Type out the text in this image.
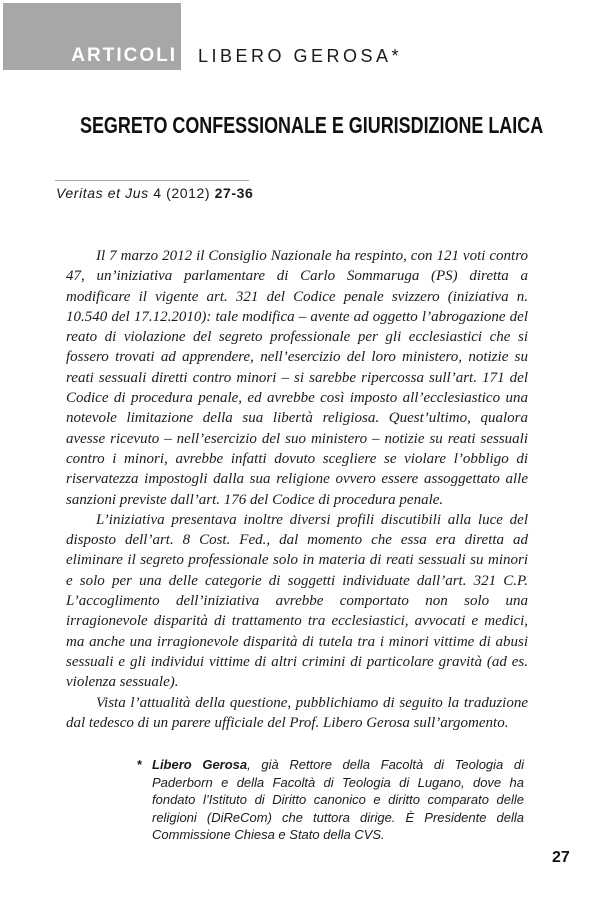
ARTICOLI LIBERO GEROSA*
SEGRETO CONFESSIONALE E GIURISDIZIONE LAICA
Veritas et Jus 4 (2012) 27-36

Il 7 marzo 2012 il Consiglio Nazionale ha respinto, con 121 voti contro 47, un’iniziativa parlamentare di Carlo Sommaruga (PS) diretta a modificare il vigente art. 321 del Codice penale svizzero (iniziativa n. 10.540 del 17.12.2010): tale modifica – avente ad oggetto l’abrogazione del reato di violazione del segreto professionale per gli ecclesiastici che si fossero trovati ad apprendere, nell’esercizio del loro ministero, notizie su reati sessuali diretti contro minori – si sarebbe ripercossa sull’art. 171 del Codice di procedura penale, ed avrebbe così imposto all’ecclesiastico una notevole limitazione della sua libertà religiosa. Quest’ultimo, qualora avesse ricevuto – nell’esercizio del suo ministero – notizie su reati sessuali contro i minori, avrebbe infatti dovuto scegliere se violare l’obbligo di riservatezza impostogli dalla sua religione ovvero essere assoggettato alle sanzioni previste dall’art. 176 del Codice di procedura penale.

L’iniziativa presentava inoltre diversi profili discutibili alla luce del disposto dell’art. 8 Cost. Fed., dal momento che essa era diretta ad eliminare il segreto professionale solo in materia di reati sessuali su minori e solo per una delle categorie di soggetti individuate dall’art. 321 C.P. L’accoglimento dell’iniziativa avrebbe comportato non solo una irragionevole disparità di trattamento tra ecclesiastici, avvocati e medici, ma anche una irragionevole disparità di tutela tra i minori vittime di abusi sessuali e gli individui vittime di altri crimini di particolare gravità (ad es. violenza sessuale).

Vista l’attualità della questione, pubblichiamo di seguito la traduzione dal tedesco di un parere ufficiale del Prof. Libero Gerosa sull’argomento.

* Libero Gerosa, già Rettore della Facoltà di Teologia di Paderborn e della Facoltà di Teologia di Lugano, dove ha fondato l’Istituto di Diritto canonico e diritto comparato delle religioni (DiReCom) che tuttora dirige. È Presidente della Commissione Chiesa e Stato della CVS.
27
